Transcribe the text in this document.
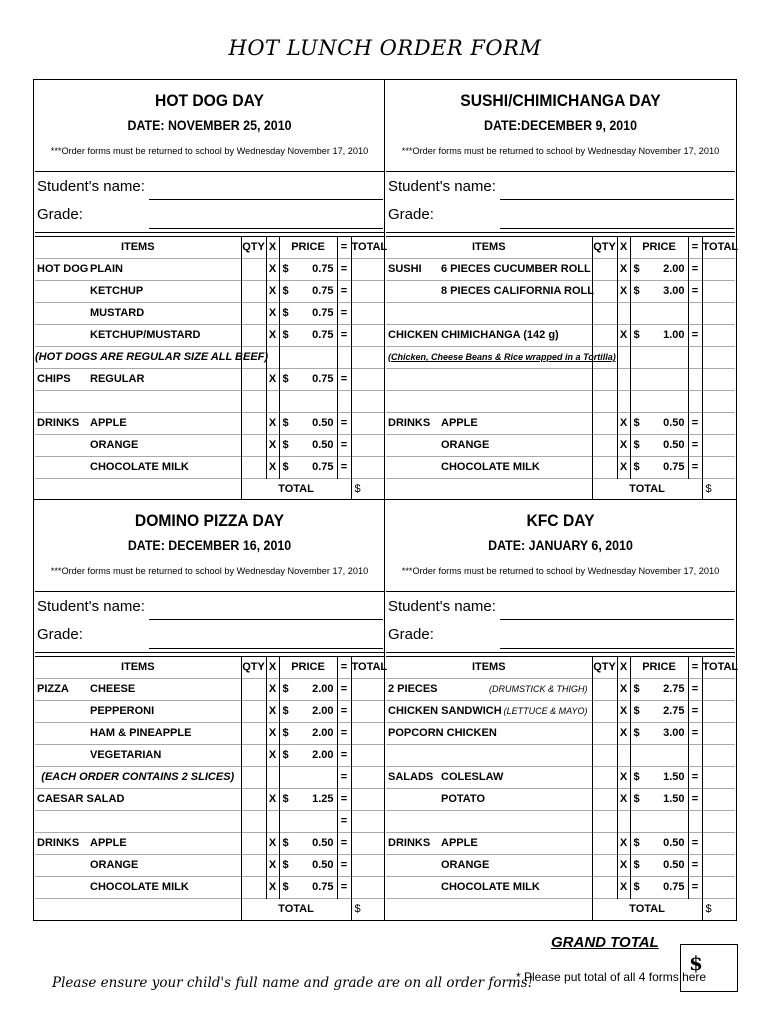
HOT LUNCH ORDER FORM
HOT DOG DAY
DATE: NOVEMBER 25, 2010
***Order forms must be returned to school by Wednesday November 17, 2010
Student's name:
Grade:
ITEMS	QTY	X	PRICE	=	TOTAL

HOT DOG PLAIN		X	$ 0.75	=	

KETCHUP		X	$ 0.75	=	

MUSTARD		X	$ 0.75	=	

KETCHUP/MUSTARD		X	$ 0.75	=	

(HOT DOGS ARE REGULAR SIZE ALL BEEF)					

CHIPS REGULAR		X	$ 0.75	=	

DRINKS APPLE		X	$ 0.50	=	

ORANGE		X	$ 0.50	=	

CHOCOLATE MILK		X	$ 0.75	=	
	TOTAL				$
SUSHI/CHIMICHANGA DAY
DATE:DECEMBER 9, 2010
***Order forms must be returned to school by Wednesday November 17, 2010
Student's name:
Grade:
ITEMS	QTY	X	PRICE	=	TOTAL

SUSHI 6 PIECES CUCUMBER ROLL		X	$ 2.00	=	

8 PIECES CALIFORNIA ROLL		X	$ 3.00	=	

CHICKEN CHIMICHANGA (142 g)		X	$ 1.00	=	

(Chicken, Cheese Beans & Rice wrapped in a Tortilla)					

DRINKS APPLE		X	$ 0.50	=	

ORANGE		X	$ 0.50	=	

CHOCOLATE MILK		X	$ 0.75	=	
	TOTAL				$
DOMINO PIZZA DAY
DATE: DECEMBER 16, 2010
***Order forms must be returned to school by Wednesday November 17, 2010
Student's name:
Grade:
ITEMS	QTY	X	PRICE	=	TOTAL

PIZZA CHEESE		X	$ 2.00	=	

PEPPERONI		X	$ 2.00	=	

HAM & PINEAPPLE		X	$ 2.00	=	

VEGETARIAN		X	$ 2.00	=	

(EACH ORDER CONTAINS 2 SLICES)				=	

CAESAR SALAD		X	$ 1.25	=	

				=	

DRINKS APPLE		X	$ 0.50	=	

ORANGE		X	$ 0.50	=	

CHOCOLATE MILK		X	$ 0.75	=	
	TOTAL				$
KFC DAY
DATE: JANUARY 6, 2010
***Order forms must be returned to school by Wednesday November 17, 2010
Student's name:
Grade:
ITEMS	QTY	X	PRICE	=	TOTAL

2 PIECES (DRUMSTICK & THIGH)		X	$ 2.75	=	

CHICKEN SANDWICH (LETTUCE & MAYO)		X	$ 2.75	=	

POPCORN CHICKEN		X	$ 3.00	=	

SALADS COLESLAW		X	$ 1.50	=	

POTATO		X	$ 1.50	=	

DRINKS APPLE		X	$ 0.50	=	

ORANGE		X	$ 0.50	=	

CHOCOLATE MILK		X	$ 0.75	=	
	TOTAL				$
GRAND TOTAL
$
* Please put total of all 4 forms here
Please ensure your child's full name and grade are on all order forms!
